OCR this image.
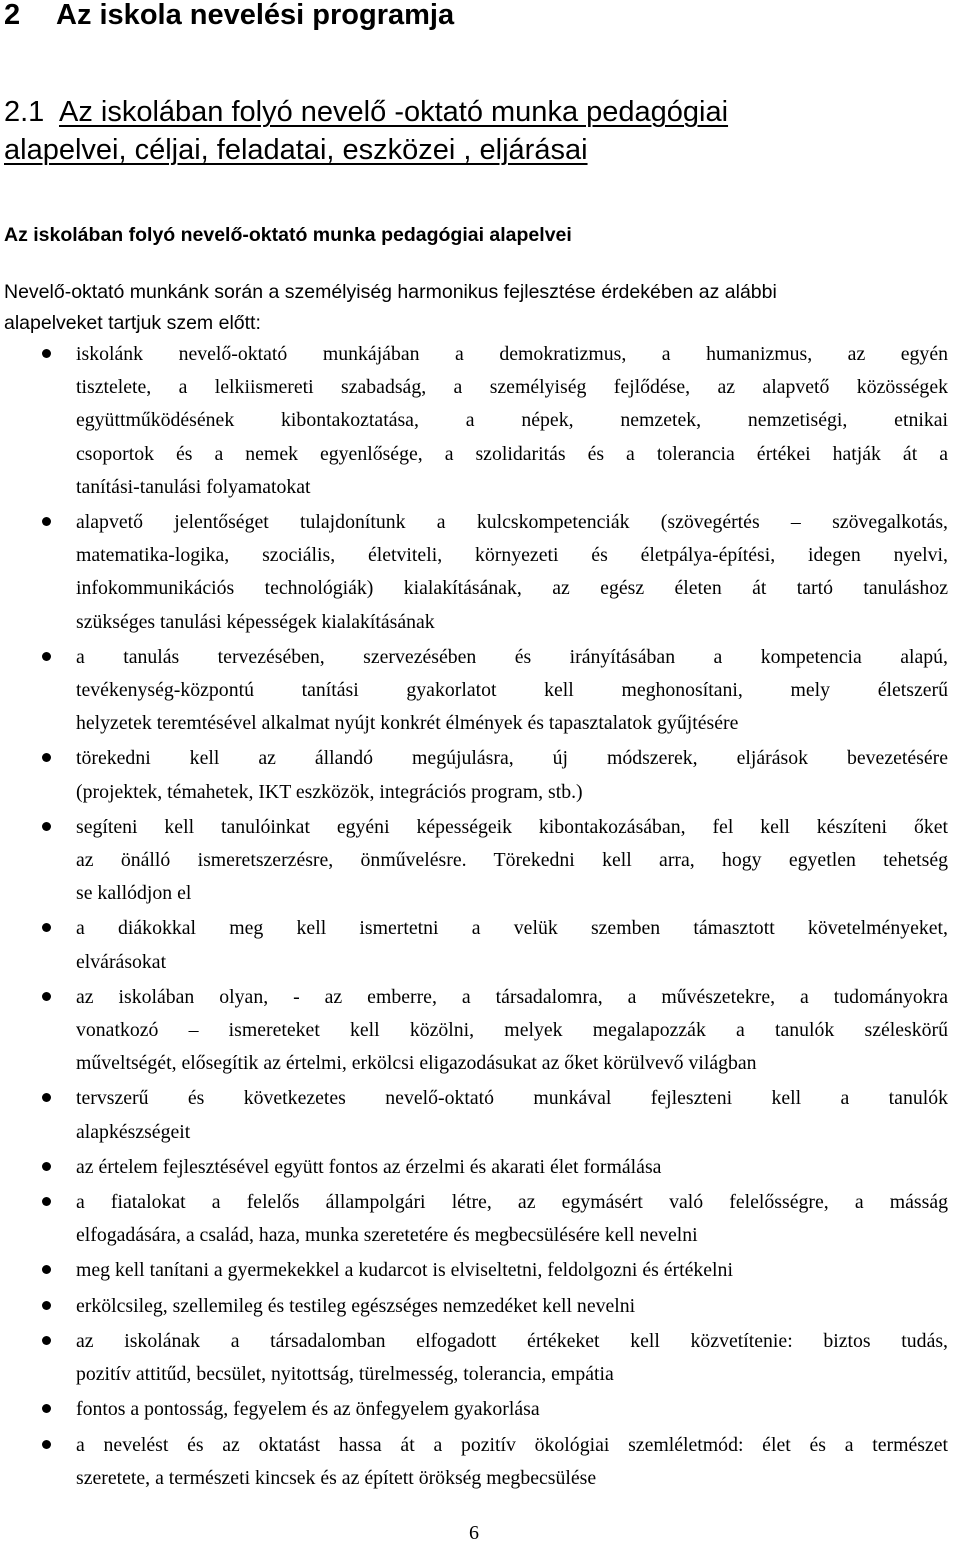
2 Az iskola nevelési programja
2.1 Az iskolában folyó nevelő -oktató munka pedagógiai
alapelvei, céljai, feladatai, eszközei , eljárásai
Az iskolában folyó nevelő-oktató munka pedagógiai alapelvei
Nevelő-oktató munkánk során a személyiség harmonikus fejlesztése érdekében az alábbi
alapelveket tartjuk szem előtt:
iskolánk nevelő-oktató munkájában a demokratizmus, a humanizmus, az egyén
tisztelete, a lelkiismereti szabadság, a személyiség fejlődése, az alapvető közösségek
együttműködésének kibontakoztatása, a népek, nemzetek, nemzetiségi, etnikai
csoportok és a nemek egyenlősége, a szolidaritás és a tolerancia értékei hatják át a
tanítási-tanulási folyamatokat
alapvető jelentőséget tulajdonítunk a kulcskompetenciák (szövegértés – szövegalkotás,
matematika-logika, szociális, életviteli, környezeti és életpálya-építési, idegen nyelvi,
infokommunikációs technológiák) kialakításának, az egész életen át tartó tanuláshoz
szükséges tanulási képességek kialakításának
a tanulás tervezésében, szervezésében és irányításában a kompetencia alapú,
tevékenység-központú tanítási gyakorlatot kell meghonosítani, mely életszerű
helyzetek teremtésével alkalmat nyújt konkrét élmények és tapasztalatok gyűjtésére
törekedni kell az állandó megújulásra, új módszerek, eljárások bevezetésére
(projektek, témahetek, IKT eszközök, integrációs program, stb.)
segíteni kell tanulóinkat egyéni képességeik kibontakozásában, fel kell készíteni őket
az önálló ismeretszerzésre, önművelésre. Törekedni kell arra, hogy egyetlen tehetség
se kallódjon el
a diákokkal meg kell ismertetni a velük szemben támasztott követelményeket,
elvárásokat
az iskolában olyan, - az emberre, a társadalomra, a művészetekre, a tudományokra
vonatkozó – ismereteket kell közölni, melyek megalapozzák a tanulók széleskörű
műveltségét, elősegítik az értelmi, erkölcsi eligazodásukat az őket körülvevő világban
tervszerű és következetes nevelő-oktató munkával fejleszteni kell a tanulók
alapkészségeit
az értelem fejlesztésével együtt fontos az érzelmi és akarati élet formálása
a fiatalokat a felelős állampolgári létre, az egymásért való felelősségre, a másság
elfogadására, a család, haza, munka szeretetére és megbecsülésére kell nevelni
meg kell tanítani a gyermekekkel a kudarcot is elviseltetni, feldolgozni és értékelni
erkölcsileg, szellemileg és testileg egészséges nemzedéket kell nevelni
az iskolának a társadalomban elfogadott értékeket kell közvetítenie: biztos tudás,
pozitív attitűd, becsület, nyitottság, türelmesség, tolerancia, empátia
fontos a pontosság, fegyelem és az önfegyelem gyakorlása
a nevelést és az oktatást hassa át a pozitív ökológiai szemléletmód: élet és a természet
szeretete, a természeti kincsek és az épített örökség megbecsülése
6
